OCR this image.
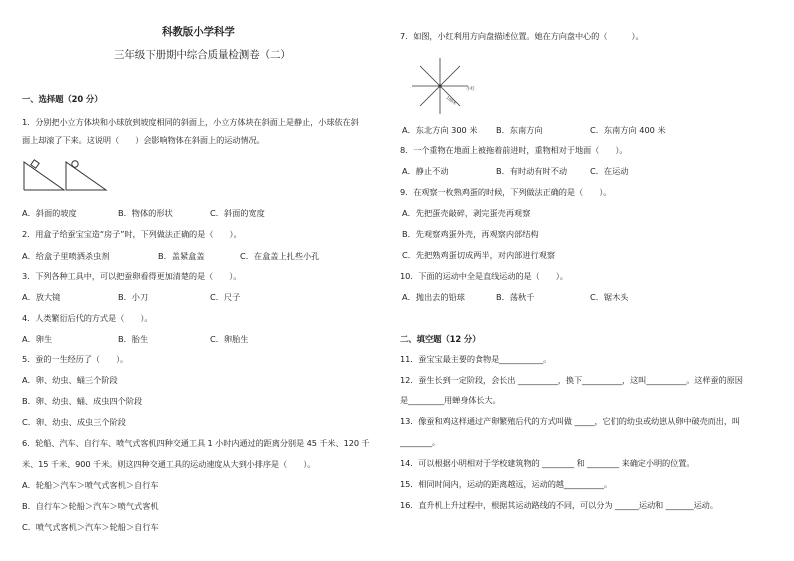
科教版小学科学
三年级下册期中综合质量检测卷（二）
一、选择题（20 分）
1．分别把小立方体块和小球放到坡度相同的斜面上，小立方体块在斜面上是静止，小球依在斜
面上却滚了下来。这说明（　　）会影响物体在斜面上的运动情况。
A．斜面的坡度	B．物体的形状	C．斜面的宽度
2．用盒子给蚕宝宝造“房子”时，下列做法正确的是（　　）。
A．给盒子里喷洒杀虫剂	B．盖紧盒盖	C．在盒盖上扎些小孔
3．下列各种工具中，可以把蚕卵看得更加清楚的是（　　）。
A．放大镜	B．小刀	C．尺子
4．人类繁衍后代的方式是（　　）。
A．卵生	B．胎生	C．卵胎生
5．蚕的一生经历了（　　）。
A．卵、幼虫、蛹三个阶段
B．卵、幼虫、蛹、成虫四个阶段
C．卵、幼虫、成虫三个阶段
6．轮船、汽车、自行车、喷气式客机四种交通工具 1 小时内通过的距离分别是 45 千米、120 千
米、15 千米、900 千米。则这四种交通工具的运动速度从大到小排序是（　　）。
A．轮船＞汽车＞喷气式客机＞自行车
B．自行车＞轮船＞汽车＞喷气式客机
C．喷气式客机＞汽车＞轮船＞自行车
7．如图，小红利用方向盘描述位置。她在方向盘中心的（　　　）。
·	小红
100米
A．东北方向 300 米 B．东南方向	C．东南方向 400 米
8．一个重物在地面上被拖着前进时，重物相对于地面（　　）。
A．静止不动	B．有时动有时不动	C．在运动
9．在观察一枚熟鸡蛋的时候，下列做法正确的是（　　）。
A．先把蛋壳敲碎，剥完蛋壳再观察
B．先观察鸡蛋外壳，再观察内部结构
C．先把熟鸡蛋切成两半，对内部进行观察
10．下面的运动中全是直线运动的是（　　）。
A．抛出去的铅球	B．荡秋千	C．锯木头
二、填空题（12 分）
11．蚕宝宝最主要的食物是___________。
12．蚕生长到一定阶段，会长出 __________，换下__________，这叫__________。这样蚕的原因
是_________用蝉身体长大。
13．像蚕和鸡这样通过产卵繁殖后代的方式叫做 _____，它们的幼虫或幼崽从卵中破壳而出，叫
________。
14．可以根据小明相对于学校建筑物的 ________ 和 ________ 来确定小明的位置。
15．相同时间内，运动的距离越远，运动的越__________。
16．直升机上升过程中，根据其运动路线的不同，可以分为 ______运动和 _______运动。
